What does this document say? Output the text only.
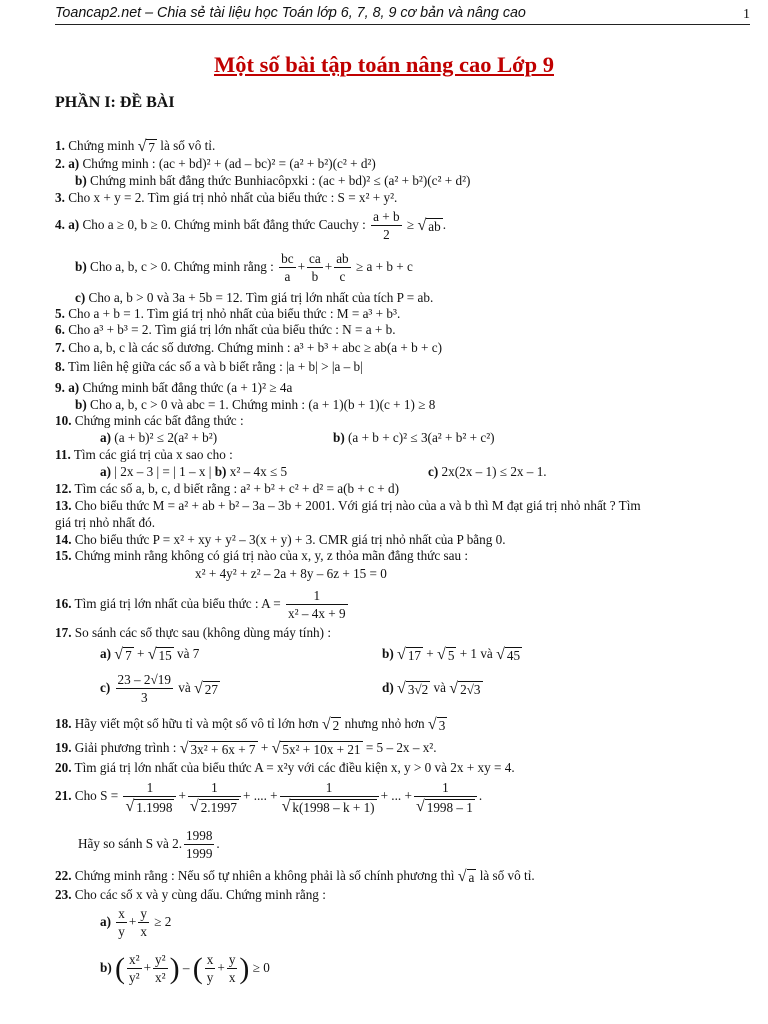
Toancap2.net – Chia sẻ tài liệu học Toán lớp 6, 7, 8, 9 cơ bản và nâng cao	1
Một số bài tập toán nâng cao Lớp 9
PHẦN I: ĐỀ BÀI
1. Chứng minh √ 7 là số vô tỉ.
2. a) Chứng minh : (ac + bd)² + (ad – bc)² = (a² + b²)(c² + d²)
b) Chứng minh bất đẳng thức Bunhiacôpxki : (ac + bd)² ≤ (a² + b²)(c² + d²)
3. Cho x + y = 2. Tìm giá trị nhỏ nhất của biểu thức : S = x² + y².
4. a) Cho a ≥ 0, b ≥ 0. Chứng minh bất đẳng thức Cauchy : $\frac{a + b}{2}$ ≥ √ ab .
b) Cho a, b, c > 0. Chứng minh rằng : $\frac{bc}{a} + \frac{ca}{b} + \frac{ab}{c} \ge a + b + c$
c) Cho a, b > 0 và 3a + 5b = 12. Tìm giá trị lớn nhất của tích P = ab.
5. Cho a + b = 1. Tìm giá trị nhỏ nhất của biểu thức : M = a³ + b³.
6. Cho a³ + b³ = 2. Tìm giá trị lớn nhất của biểu thức : N = a + b.
7. Cho a, b, c là các số dương. Chứng minh : a³ + b³ + abc ≥ ab(a + b + c)
8. Tìm liên hệ giữa các số a và b biết rằng : |a + b| > |a – b|
9. a) Chứng minh bất đẳng thức (a + 1)² ≥ 4a
b) Cho a, b, c > 0 và abc = 1. Chứng minh : (a + 1)(b + 1)(c + 1) ≥ 8
10. Chứng minh các bất đẳng thức :
a) (a + b)² ≤ 2(a² + b²)	b) (a + b + c)² ≤ 3(a² + b² + c²)
11. Tìm các giá trị của x sao cho :
a) | 2x – 3 | = | 1 – x | b) x² – 4x ≤ 5	c) 2x(2x – 1) ≤ 2x – 1.
12. Tìm các số a, b, c, d biết rằng : a² + b² + c² + d² = a(b + c + d)
13. Cho biểu thức M = a² + ab + b² – 3a – 3b + 2001. Với giá trị nào của a và b thì M đạt giá trị nhỏ nhất ? Tìm
giá trị nhỏ nhất đó.
14. Cho biểu thức P = x² + xy + y² – 3(x + y) + 3. CMR giá trị nhỏ nhất của P bằng 0.
15. Chứng minh rằng không có giá trị nào của x, y, z thỏa mãn đẳng thức sau :
x² + 4y² + z² – 2a + 8y – 6z + 15 = 0
16. Tìm giá trị lớn nhất của biểu thức : $A = \frac{1}{\text{x² – 4x + 9}}$
17. So sánh các số thực sau (không dùng máy tính) :
a) √ 7 + √ 15 và 7	b) √ 17 + √ 5 + 1 và √ 45
$c) \frac{23 - 2√19}{3}$ và √ 27	d) √ 3√2 và √ 2√3
18. Hãy viết một số hữu tỉ và một số vô tỉ lớn hơn √ 2 nhưng nhỏ hơn √ 3
19. Giải phương trình : √ 3x² + 6x + 7 + √ 5x² + 10x + 21 = 5 – 2x – x².
20. Tìm giá trị lớn nhất của biểu thức A = x²y với các điều kiện x, y > 0 và 2x + xy = 4.
21. Cho $S = \frac{1}{√ 1.1998} + \frac{1}{√ 2.1997}$ + .... + $\frac{1}{√ k(1998 - k + 1)}$ + ... + $\frac{1}{√ 1998 - 1}$ .
Hãy so sánh S và 2. $\frac{1998}{1999}$ .
22. Chứng minh rằng : Nếu số tự nhiên a không phải là số chính phương thì √ a là số vô tỉ.
23. Cho các số x và y cùng dấu. Chứng minh rằng :
$a) \frac{x}{y} + \frac{y}{x} \ge 2$
b) ( $\frac{\text{x²}}{\text{y²}} + \frac{\text{y²}}{\text{x²}}$ ) – ( $\frac{x}{y} + \frac{y}{x}$ ) ≥ 0
